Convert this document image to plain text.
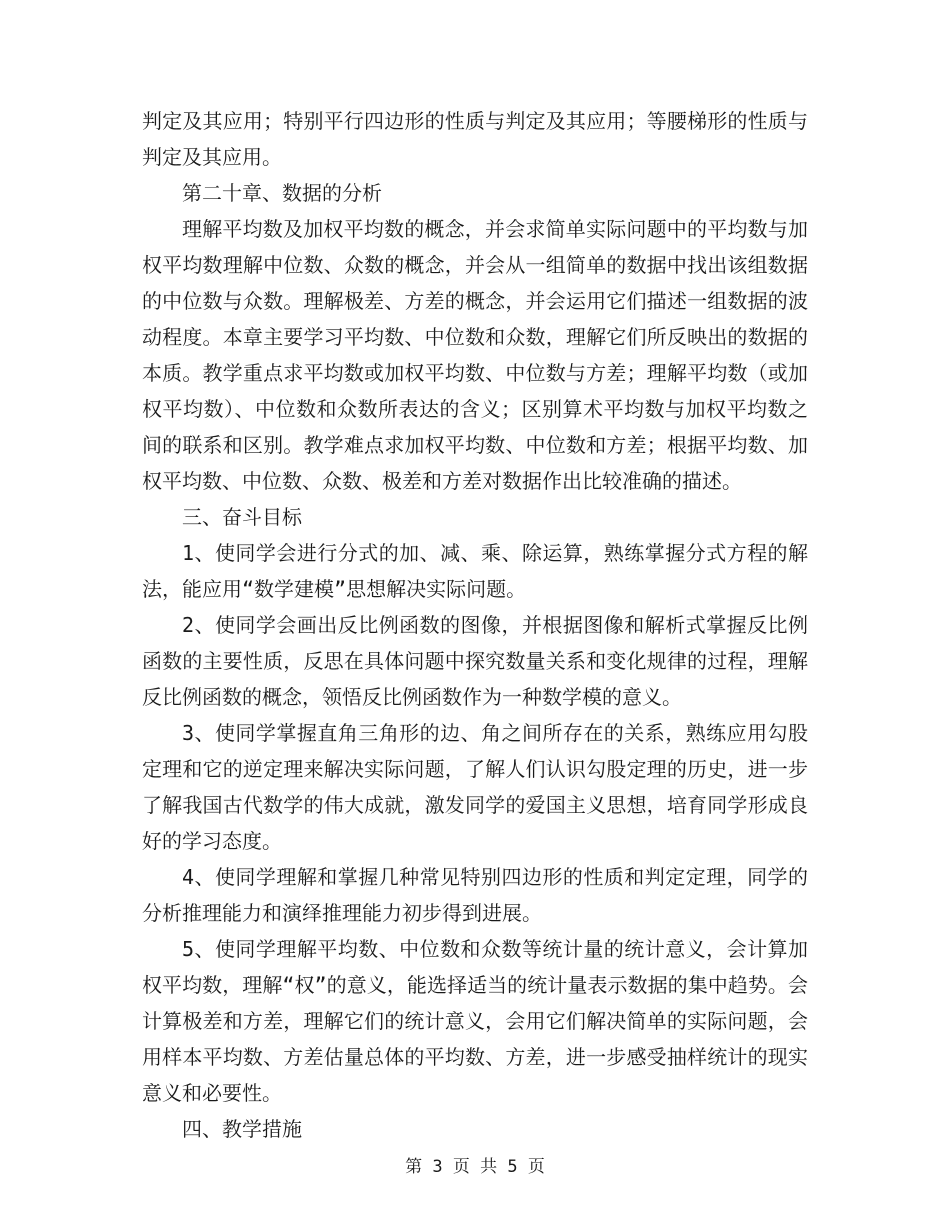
判定及其应用；特别平行四边形的性质与判定及其应用；等腰梯形的性质与判定及其应用。

第二十章、数据的分析

理解平均数及加权平均数的概念，并会求简单实际问题中的平均数与加权平均数理解中位数、众数的概念，并会从一组简单的数据中找出该组数据的中位数与众数。理解极差、方差的概念，并会运用它们描述一组数据的波动程度。本章主要学习平均数、中位数和众数，理解它们所反映出的数据的本质。教学重点求平均数或加权平均数、中位数与方差；理解平均数（或加权平均数）、中位数和众数所表达的含义；区别算术平均数与加权平均数之间的联系和区别。教学难点求加权平均数、中位数和方差；根据平均数、加权平均数、中位数、众数、极差和方差对数据作出比较准确的描述。

三、奋斗目标

1、使同学会进行分式的加、减、乘、除运算，熟练掌握分式方程的解法，能应用“数学建模”思想解决实际问题。

2、使同学会画出反比例函数的图像，并根据图像和解析式掌握反比例函数的主要性质，反思在具体问题中探究数量关系和变化规律的过程，理解反比例函数的概念，领悟反比例函数作为一种数学模的意义。

3、使同学掌握直角三角形的边、角之间所存在的关系，熟练应用勾股定理和它的逆定理来解决实际问题，了解人们认识勾股定理的历史，进一步了解我国古代数学的伟大成就，激发同学的爱国主义思想，培育同学形成良好的学习态度。

4、使同学理解和掌握几种常见特别四边形的性质和判定定理，同学的分析推理能力和演绎推理能力初步得到进展。

5、使同学理解平均数、中位数和众数等统计量的统计意义，会计算加权平均数，理解“权”的意义，能选择适当的统计量表示数据的集中趋势。会计算极差和方差，理解它们的统计意义，会用它们解决简单的实际问题，会用样本平均数、方差估量总体的平均数、方差，进一步感受抽样统计的现实意义和必要性。

四、教学措施

第 3 页 共 5 页
